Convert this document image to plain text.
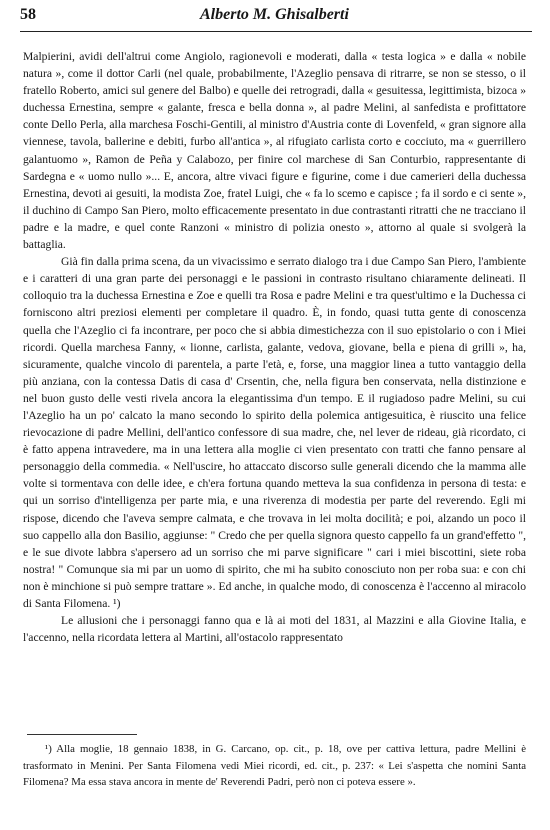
58	Alberto M. Ghisalberti

Malpierini, avidi dell'altrui come Angiolo, ragionevoli e moderati, dalla « testa logica » e dalla « nobile natura », come il dottor Carli (nel quale, probabilmente, l'Azeglio pensava di ritrarre, se non se stesso, o il fratello Roberto, amici sul genere del Balbo) e quelle dei retrogradi, dalla « gesuitessa, legittimista, bizoca » duchessa Ernestina, sempre « galante, fresca e bella donna », al padre Melini, al sanfedista e profittatore conte Dello Perla, alla marchesa Foschi-Gentili, al ministro d'Austria conte di Lovenfeld, « gran signore alla viennese, tavola, ballerine e debiti, furbo all'antica », al rifugiato carlista corto e cocciuto, ma « guerrillero galantuomo », Ramon de Peña y Calabozo, per finire col marchese di San Conturbio, rappresentante di Sardegna e « uomo nullo »... E, ancora, altre vivaci figure e figurine, come i due camerieri della duchessa Ernestina, devoti ai gesuiti, la modista Zoe, fratel Luigi, che « fa lo scemo e capisce ; fa il sordo e ci sente », il duchino di Campo San Piero, molto efficacemente presentato in due contrastanti ritratti che ne tracciano il padre e la madre, e quel conte Ranzoni « ministro di polizia onesto », attorno al quale si svolgerà la battaglia.

Già fin dalla prima scena, da un vivacissimo e serrato dialogo tra i due Campo San Piero, l'ambiente e i caratteri di una gran parte dei personaggi e le passioni in contrasto risultano chiaramente delineati. Il colloquio tra la duchessa Ernestina e Zoe e quelli tra Rosa e padre Melini e tra quest'ultimo e la Duchessa ci forniscono altri preziosi elementi per completare il quadro. È, in fondo, quasi tutta gente di conoscenza quella che l'Azeglio ci fa incontrare, per poco che si abbia dimestichezza con il suo epistolario o con i Miei ricordi. Quella marchesa Fanny, « lionne, carlista, galante, vedova, giovane, bella e piena di grilli », ha, sicuramente, qualche vincolo di parentela, a parte l'età, e, forse, una maggior linea a tutto vantaggio della più anziana, con la contessa Datis di casa d' Crsentin, che, nella figura ben conservata, nella distinzione e nel buon gusto delle vesti rivela ancora la elegantissima d'un tempo. E il rugiadoso padre Melini, su cui l'Azeglio ha un po' calcato la mano secondo lo spirito della polemica antigesuitica, è riuscito una felice rievocazione di padre Mellini, dell'antico confessore di sua madre, che, nel lever de rideau, già ricordato, ci è fatto appena intravedere, ma in una lettera alla moglie ci vien presentato con tratti che fanno pensare al personaggio della commedia. « Nell'uscire, ho attaccato discorso sulle generali dicendo che la mamma alle volte si tormentava con delle idee, e ch'era fortuna quando metteva la sua confidenza in persona di testa: e qui un sorriso d'intelligenza per parte mia, e una riverenza di modestia per parte del reverendo. Egli mi rispose, dicendo che l'aveva sempre calmata, e che trovava in lei molta docilità; e poi, alzando un poco il suo cappello alla don Basilio, aggiunse: " Credo che per quella signora questo cappello fa un grand'effetto ", e le sue divote labbra s'apersero ad un sorriso che mi parve significare " cari i miei biscottini, siete roba nostra! " Comunque sia mi par un uomo di spirito, che mi ha subito conosciuto non per roba sua: e con chi non è minchione si può sempre trattare ». Ed anche, in qualche modo, di conoscenza è l'accenno al miracolo di Santa Filomena. ¹)

Le allusioni che i personaggi fanno qua e là ai moti del 1831, al Mazzini e alla Giovine Italia, e l'accenno, nella ricordata lettera al Martini, all'ostacolo rappresentato

¹) Alla moglie, 18 gennaio 1838, in G. Carcano, op. cit., p. 18, ove per cattiva lettura, padre Mellini è trasformato in Menini. Per Santa Filomena vedi Miei ricordi, ed. cit., p. 237: « Lei s'aspetta che nomini Santa Filomena? Ma essa stava ancora in mente de' Reverendi Padri, però non ci poteva essere ».
